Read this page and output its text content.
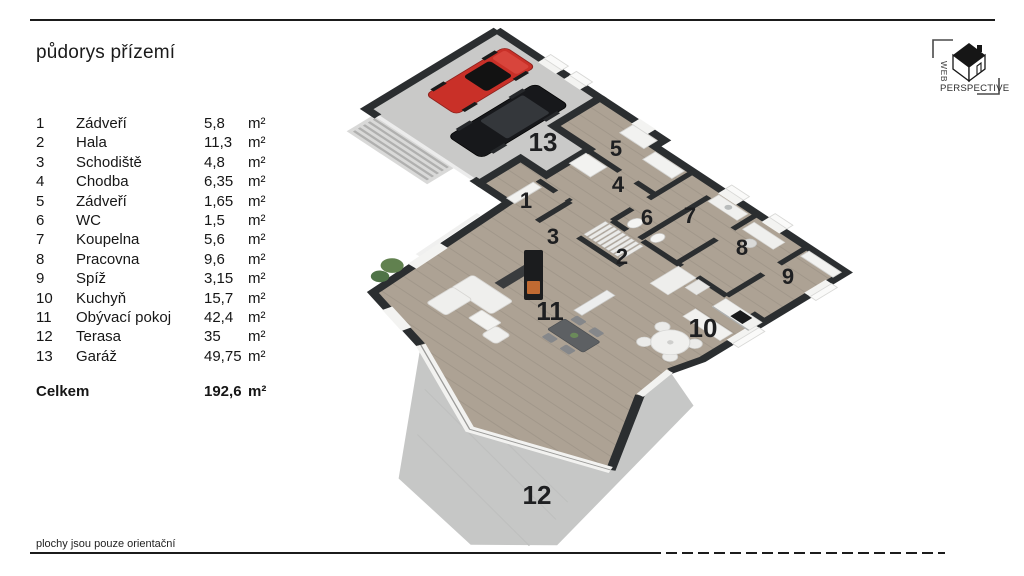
půdorys přízemí
1	Zádveří	5,8	m²
2	Hala	11,3	m²
3	Schodiště	4,8	m²
4	Chodba	6,35 m²
5	Zádveří	1,65 m²
6	WC	1,5	m²
7	Koupelna	5,6	m²
8	Pracovna	9,6	m²
9	Spíž	3,15 m²
10	Kuchyň	15,7 m²
11	Obývací pokoj	42,4 m²
12	Terasa	35	m²
13	Garáž	49,75 m²
Celkem	192,6 m²
1
2
3
4
5
6 7
8
9
10
11
12
13
WEB
PERSPECTIVE
plochy jsou pouze orientační
